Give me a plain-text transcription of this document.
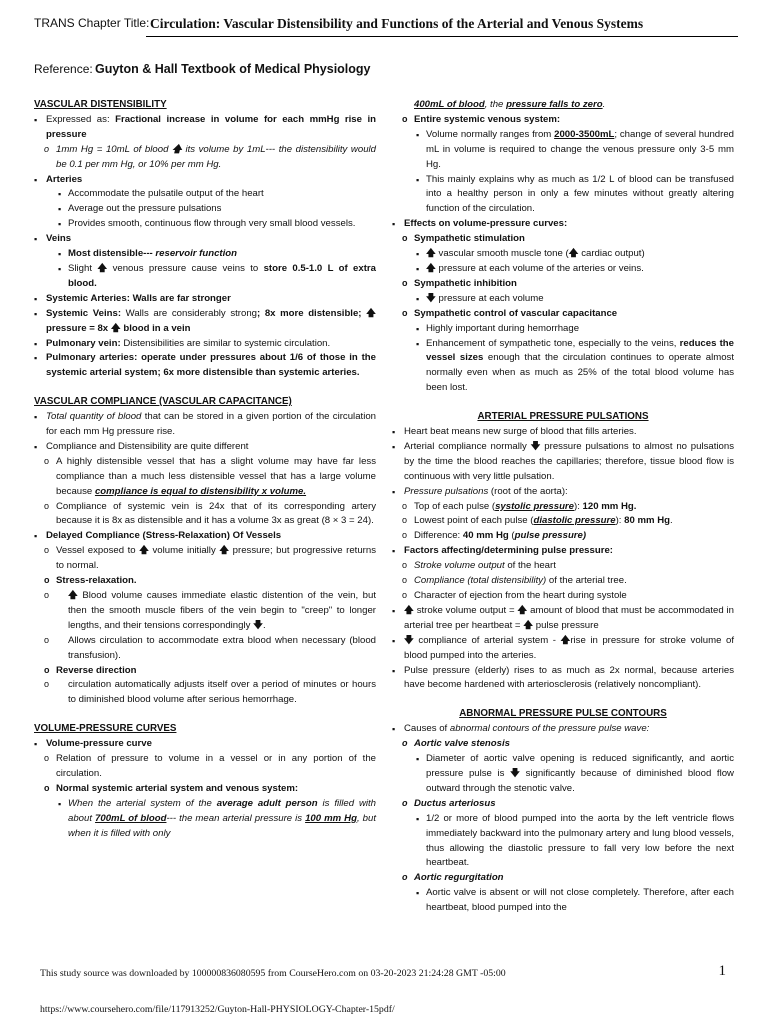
TRANS Chapter Title: Circulation: Vascular Distensibility and Functions of the Arterial and Venous Systems
Reference: Guyton & Hall Textbook of Medical Physiology

VASCULAR DISTENSIBILITY

▪ Expressed as: Fractional increase in volume for each mmHg rise in pressure
o 1mm Hg = 10mL of blood 🡅 its volume by 1mL--- the distensibility would be 0.1 per mm Hg, or 10% per mm Hg.
▪ Arteries
▪ Accommodate the pulsatile output of the heart
▪ Average out the pressure pulsations
▪ Provides smooth, continuous flow through very small blood vessels.
▪ Veins
▪ Most distensible--- reservoir function
▪ Slight 🡅 venous pressure cause veins to store 0.5-1.0 L of extra blood.
▪ Systemic Arteries: Walls are far stronger
▪ Systemic Veins: Walls are considerably strong; 8x more distensible; 🡅 pressure = 8x 🡅 blood in a vein
▪ Pulmonary vein: Distensibilities are similar to systemic circulation.
▪ Pulmonary arteries: operate under pressures about 1/6 of those in the systemic arterial system; 6x more distensible than systemic arteries.

VASCULAR COMPLIANCE (VASCULAR CAPACITANCE)

▪ Total quantity of blood that can be stored in a given portion of the circulation for each mm Hg pressure rise.
▪ Compliance and Distensibility are quite different
o A highly distensible vessel that has a slight volume may have far less compliance than a much less distensible vessel that has a large volume because compliance is equal to distensibility x volume.
o Compliance of systemic vein is 24x that of its corresponding artery because it is 8x as distensible and it has a volume 3x as great (8 × 3 = 24).
▪ Delayed Compliance (Stress-Relaxation) Of Vessels
o Vessel exposed to 🡅 volume initially 🡅 pressure; but progressive returns to normal.
o Stress-relaxation.
o 🡅 Blood volume causes immediate elastic distention of the vein, but then the smooth muscle fibers of the vein begin to "creep" to longer lengths, and their tensions correspondingly 🡇.
o Allows circulation to accommodate extra blood when necessary (blood transfusion).
o Reverse direction
o circulation automatically adjusts itself over a period of minutes or hours to diminished blood volume after serious hemorrhage.

VOLUME-PRESSURE CURVES

▪ Volume-pressure curve
o Relation of pressure to volume in a vessel or in any portion of the circulation.
o Normal systemic arterial system and venous system:
▪ When the arterial system of the average adult person is filled with about 700mL of blood--- the mean arterial pressure is 100 mm Hg, but when it is filled with only
400mL of blood, the pressure falls to zero.
o Entire systemic venous system:
▪ Volume normally ranges from 2000-3500mL; change of several hundred mL in volume is required to change the venous pressure only 3-5 mm Hg.
▪ This mainly explains why as much as 1/2 L of blood can be transfused into a healthy person in only a few minutes without greatly altering function of the circulation.
▪ Effects on volume-pressure curves:
o Sympathetic stimulation
▪ 🡅 vascular smooth muscle tone (🡅 cardiac output)
▪ 🡅 pressure at each volume of the arteries or veins.
o Sympathetic inhibition
▪ 🡇 pressure at each volume
o Sympathetic control of vascular capacitance
▪ Highly important during hemorrhage
▪ Enhancement of sympathetic tone, especially to the veins, reduces the vessel sizes enough that the circulation continues to operate almost normally even when as much as 25% of the total blood volume has been lost.

ARTERIAL PRESSURE PULSATIONS

▪ Heart beat means new surge of blood that fills arteries.
▪ Arterial compliance normally 🡇 pressure pulsations to almost no pulsations by the time the blood reaches the capillaries; therefore, tissue blood flow is continuous with very little pulsation.
▪ Pressure pulsations (root of the aorta):
o Top of each pulse (systolic pressure): 120 mm Hg.
o Lowest point of each pulse (diastolic pressure): 80 mm Hg.
o Difference: 40 mm Hg (pulse pressure)
▪ Factors affecting/determining pulse pressure:
o Stroke volume output of the heart
o Compliance (total distensibility) of the arterial tree.
o Character of ejection from the heart during systole
▪ 🡅 stroke volume output = 🡅 amount of blood that must be accommodated in arterial tree per heartbeat = 🡅 pulse pressure
▪ 🡇 compliance of arterial system - 🡅rise in pressure for stroke volume of blood pumped into the arteries.
▪ Pulse pressure (elderly) rises to as much as 2x normal, because arteries have become hardened with arteriosclerosis (relatively noncompliant).

ABNORMAL PRESSURE PULSE CONTOURS

▪ Causes of abnormal contours of the pressure pulse wave:
o Aortic valve stenosis
▪ Diameter of aortic valve opening is reduced significantly, and aortic pressure pulse is 🡇 significantly because of diminished blood flow outward through the stenotic valve.
o Ductus arteriosus
▪ 1/2 or more of blood pumped into the aorta by the left ventricle flows immediately backward into the pulmonary artery and lung blood vessels, thus allowing the diastolic pressure to fall very low before the next heartbeat.
o Aortic regurgitation
▪ Aortic valve is absent or will not close completely. Therefore, after each heartbeat, blood pumped into the
This study source was downloaded by 100000836080595 from CourseHero.com on 03-20-2023 21:24:28 GMT -05:00	1
https://www.coursehero.com/file/117913252/Guyton-Hall-PHYSIOLOGY-Chapter-15pdf/
